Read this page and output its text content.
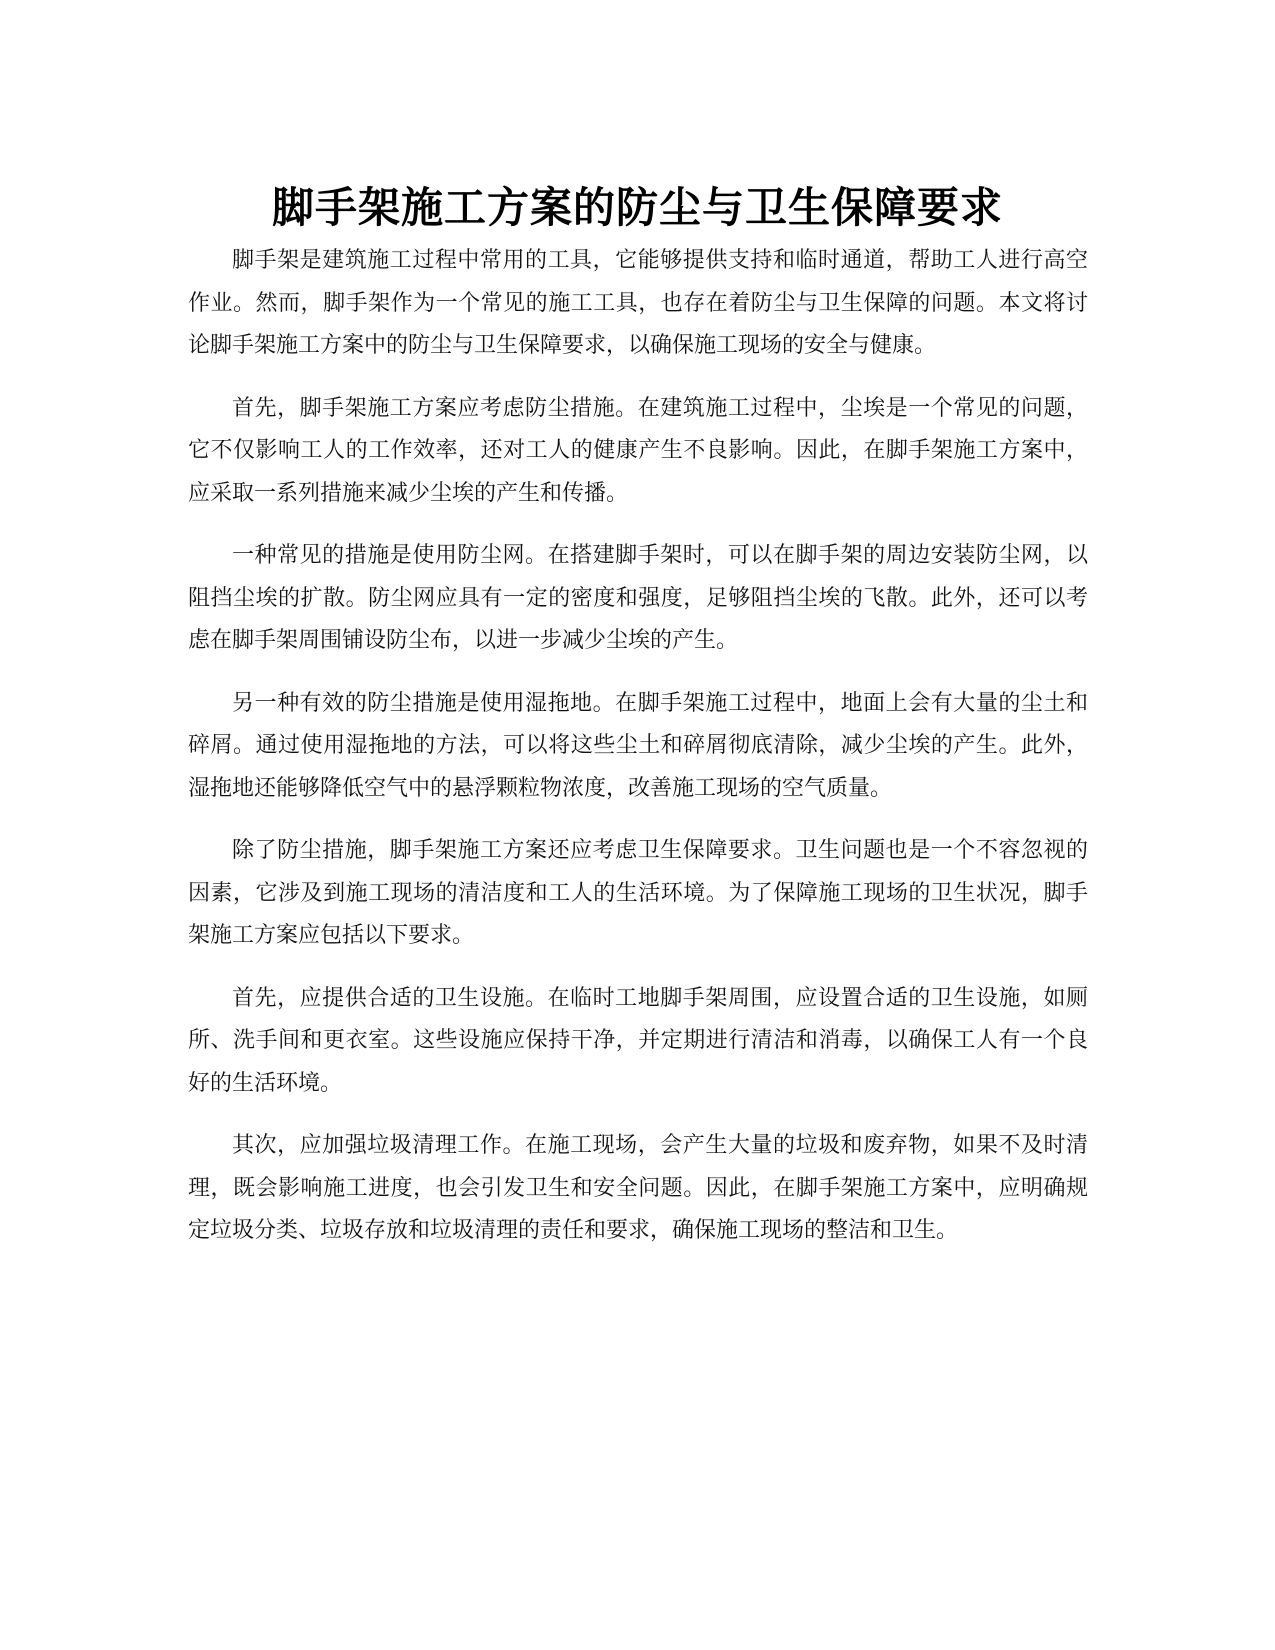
脚手架施工方案的防尘与卫生保障要求

脚手架是建筑施工过程中常用的工具，它能够提供支持和临时通道，帮助工人进行高空作业。然而，脚手架作为一个常见的施工工具，也存在着防尘与卫生保障的问题。本文将讨论脚手架施工方案中的防尘与卫生保障要求，以确保施工现场的安全与健康。

首先，脚手架施工方案应考虑防尘措施。在建筑施工过程中，尘埃是一个常见的问题，它不仅影响工人的工作效率，还对工人的健康产生不良影响。因此，在脚手架施工方案中，应采取一系列措施来减少尘埃的产生和传播。

一种常见的措施是使用防尘网。在搭建脚手架时，可以在脚手架的周边安装防尘网，以阻挡尘埃的扩散。防尘网应具有一定的密度和强度，足够阻挡尘埃的飞散。此外，还可以考虑在脚手架周围铺设防尘布，以进一步减少尘埃的产生。

另一种有效的防尘措施是使用湿拖地。在脚手架施工过程中，地面上会有大量的尘土和碎屑。通过使用湿拖地的方法，可以将这些尘土和碎屑彻底清除，减少尘埃的产生。此外，湿拖地还能够降低空气中的悬浮颗粒物浓度，改善施工现场的空气质量。

除了防尘措施，脚手架施工方案还应考虑卫生保障要求。卫生问题也是一个不容忽视的因素，它涉及到施工现场的清洁度和工人的生活环境。为了保障施工现场的卫生状况，脚手架施工方案应包括以下要求。

首先，应提供合适的卫生设施。在临时工地脚手架周围，应设置合适的卫生设施，如厕所、洗手间和更衣室。这些设施应保持干净，并定期进行清洁和消毒，以确保工人有一个良好的生活环境。

其次，应加强垃圾清理工作。在施工现场，会产生大量的垃圾和废弃物，如果不及时清理，既会影响施工进度，也会引发卫生和安全问题。因此，在脚手架施工方案中，应明确规定垃圾分类、垃圾存放和垃圾清理的责任和要求，确保施工现场的整洁和卫生。
